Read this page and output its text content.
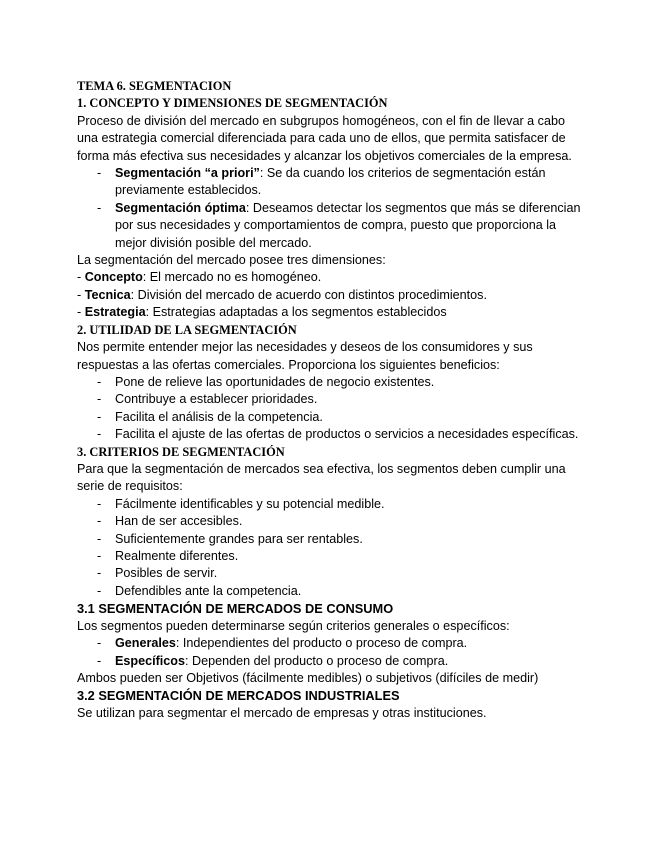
TEMA 6. SEGMENTACION
1. CONCEPTO Y DIMENSIONES DE SEGMENTACIÓN

Proceso de división del mercado en subgrupos homogéneos, con el fin de llevar a cabo una estrategia comercial diferenciada para cada uno de ellos, que permita satisfacer de forma más efectiva sus necesidades y alcanzar los objetivos comerciales de la empresa.

- Segmentación “a priori”: Se da cuando los criterios de segmentación están previamente establecidos.
- Segmentación óptima: Deseamos detectar los segmentos que más se diferencian por sus necesidades y comportamientos de compra, puesto que proporciona la mejor división posible del mercado.

La segmentación del mercado posee tres dimensiones:

- Concepto: El mercado no es homogéneo.

- Tecnica: División del mercado de acuerdo con distintos procedimientos.

- Estrategia: Estrategias adaptadas a los segmentos establecidos

2. UTILIDAD DE LA SEGMENTACIÓN

Nos permite entender mejor las necesidades y deseos de los consumidores y sus respuestas a las ofertas comerciales. Proporciona los siguientes beneficios:

- Pone de relieve las oportunidades de negocio existentes.
- Contribuye a establecer prioridades.
- Facilita el análisis de la competencia.
- Facilita el ajuste de las ofertas de productos o servicios a necesidades específicas.
3. CRITERIOS DE SEGMENTACIÓN

Para que la segmentación de mercados sea efectiva, los segmentos deben cumplir una serie de requisitos:

- Fácilmente identificables y su potencial medible.
- Han de ser accesibles.
- Suficientemente grandes para ser rentables.
- Realmente diferentes.
- Posibles de servir.
- Defendibles ante la competencia.
3.1 SEGMENTACIÓN DE MERCADOS DE CONSUMO

Los segmentos pueden determinarse según criterios generales o específicos:

- Generales: Independientes del producto o proceso de compra.
- Específicos: Dependen del producto o proceso de compra.

Ambos pueden ser Objetivos (fácilmente medibles) o subjetivos (difíciles de medir)

3.2 SEGMENTACIÓN DE MERCADOS INDUSTRIALES

Se utilizan para segmentar el mercado de empresas y otras instituciones.
